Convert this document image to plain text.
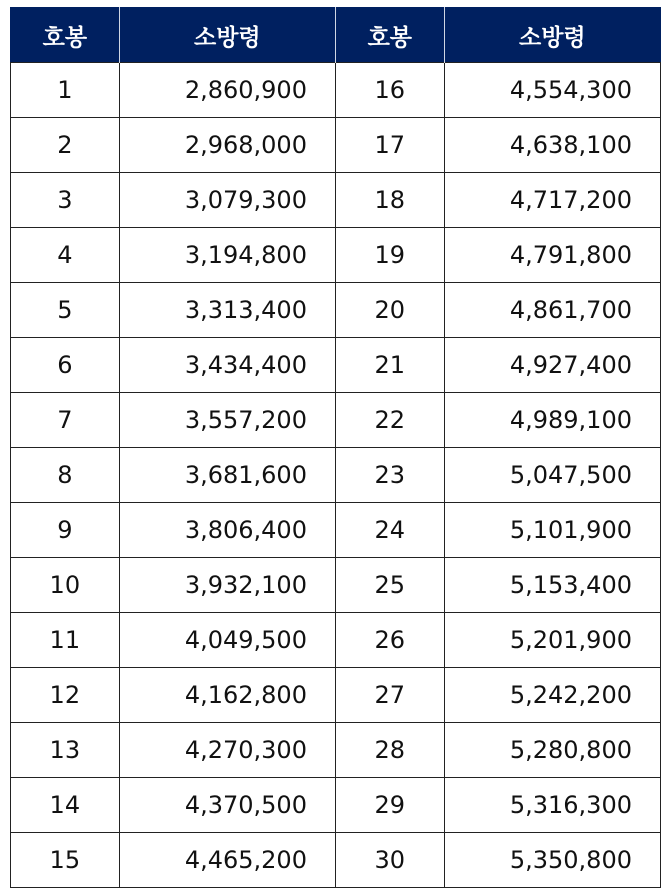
호봉	소방령	호봉	소방령
1	2,860,900	16	4,554,300
2	2,968,000	17	4,638,100
3	3,079,300	18	4,717,200
4	3,194,800	19	4,791,800
5	3,313,400	20	4,861,700
6	3,434,400	21	4,927,400
7	3,557,200	22	4,989,100
8	3,681,600	23	5,047,500
9	3,806,400	24	5,101,900
10	3,932,100	25	5,153,400
11	4,049,500	26	5,201,900
12	4,162,800	27	5,242,200
13	4,270,300	28	5,280,800
14	4,370,500	29	5,316,300
15	4,465,200	30	5,350,800
